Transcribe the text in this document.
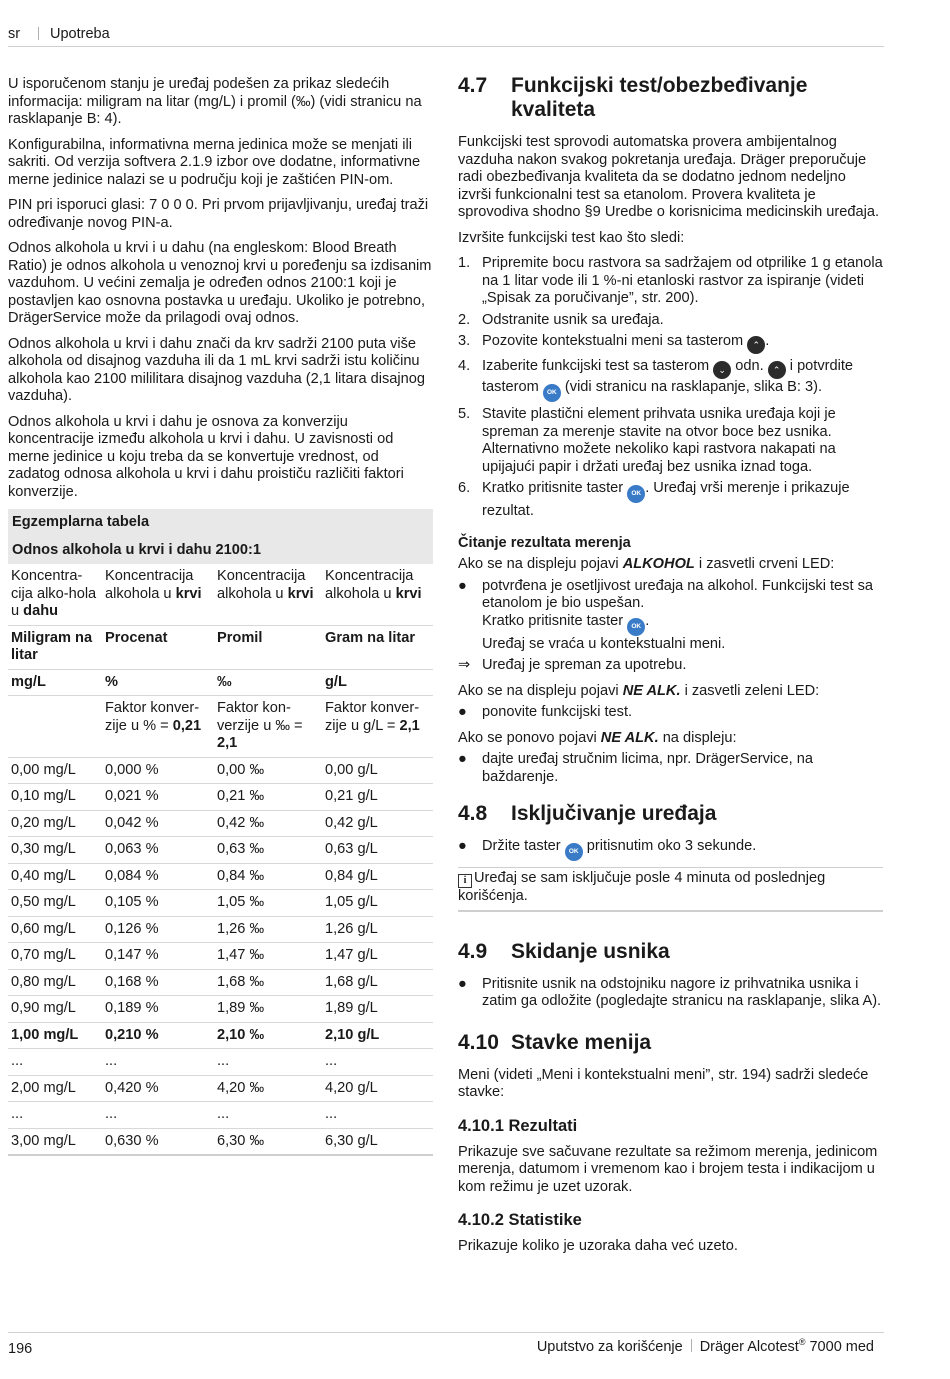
sr Upotreba

U isporučenom stanju je uređaj podešen za prikaz sledećih informacija: miligram na litar (mg/L) i promil (‰) (vidi stranicu na rasklapanje B: 4).

Konfigurabilna, informativna merna jedinica može se menjati ili sakriti. Od verzija softvera 2.1.9 izbor ove dodatne, informativne merne jedinice nalazi se u području koji je zaštićen PIN-om.

PIN pri isporuci glasi: 7 0 0 0. Pri prvom prijavljivanju, uređaj traži određivanje novog PIN-a.

Odnos alkohola u krvi i u dahu (na engleskom: Blood Breath Ratio) je odnos alkohola u venoznoj krvi u poređenju sa izdisanim vazduhom. U većini zemalja je određen odnos 2100:1 koji je postavljen kao osnovna postavka u uređaju. Ukoliko je potrebno, DrägerService može da prilagodi ovaj odnos.

Odnos alkohola u krvi i dahu znači da krv sadrži 2100 puta više alkohola od disajnog vazduha ili da 1 mL krvi sadrži istu količinu alkohola kao 2100 mililitara disajnog vazduha (2,1 litara disajnog vazduha).

Odnos alkohola u krvi i dahu je osnova za konverziju koncentracije između alkohola u krvi i dahu. U zavisnosti od merne jedinice u koju treba da se konvertuje vrednost, od zadatog odnosa alkohola u krvi i dahu proističu različiti faktori konverzije.

Egzemplarna tabela			
Odnos alkohola u krvi i dahu 2100:1			
Koncentra-cija alko-hola u dahu	Koncentracija alkohola u krvi	Koncentracija alkohola u krvi	Koncentracija alkohola u krvi
Miligram na litar	Procenat	Promil	Gram na litar
mg/L	%	‰	g/L
	Faktor konver-zije u % = 0,21	Faktor kon-verzije u ‰ = 2,1	Faktor konver-zije u g/L = 2,1
0,00 mg/L	0,000 %	0,00 ‰	0,00 g/L
0,10 mg/L	0,021 %	0,21 ‰	0,21 g/L
0,20 mg/L	0,042 %	0,42 ‰	0,42 g/L
0,30 mg/L	0,063 %	0,63 ‰	0,63 g/L
0,40 mg/L	0,084 %	0,84 ‰	0,84 g/L
0,50 mg/L	0,105 %	1,05 ‰	1,05 g/L
0,60 mg/L	0,126 %	1,26 ‰	1,26 g/L
0,70 mg/L	0,147 %	1,47 ‰	1,47 g/L
0,80 mg/L	0,168 %	1,68 ‰	1,68 g/L
0,90 mg/L	0,189 %	1,89 ‰	1,89 g/L
1,00 mg/L	0,210 %	2,10 ‰	2,10 g/L
...	...	...	...
2,00 mg/L	0,420 %	4,20 ‰	4,20 g/L
...	...	...	...
3,00 mg/L	0,630 %	6,30 ‰	6,30 g/L
4.7	Funkcijski test/obezbeđivanje kvaliteta

Funkcijski test sprovodi automatska provera ambijentalnog vazduha nakon svakog pokretanja uređaja. Dräger preporučuje radi obezbeđivanja kvaliteta da se dodatno jednom nedeljno izvrši funkcionalni test sa etanolom. Provera kvaliteta je sprovodiva shodno §9 Uredbe o korisnicima medicinskih uređaja.

Izvršite funkcijski test kao što sledi:

1. Pripremite bocu rastvora sa sadržajem od otprilike 1 g etanola na 1 litar vode ili 1 %-ni etanloski rastvor za ispiranje (videti „Spisak za poručivanje”, str. 200).
2. Odstranite usnik sa uređaja.
3. Pozovite kontekstualni meni sa tasterom ⌃ .
4. Izaberite funkcijski test sa tasterom ⌄ odn. ⌃ i potvrdite tasterom OK (vidi stranicu na rasklapanje, slika B: 3).
5. Stavite plastični element prihvata usnika uređaja koji je spreman za merenje stavite na otvor boce bez usnika. Alternativno možete nekoliko kapi rastvora nakapati na upijajući papir i držati uređaj bez usnika iznad toga.
6. Kratko pritisnite taster OK . Uređaj vrši merenje i prikazuje rezultat.
Čitanje rezultata merenja

Ako se na displeju pojavi ALKOHOL i zasvetli crveni LED:

● potvrđena je osetljivost uređaja na alkohol. Funkcijski test sa etanolom je bio uspešan.
Kratko pritisnite taster OK .
Uređaj se vraća u kontekstualni meni.
⇒ Uređaj je spreman za upotrebu.

Ako se na displeju pojavi NE ALK. i zasvetli zeleni LED:

● ponovite funkcijski test.

Ako se ponovo pojavi NE ALK. na displeju:

● dajte uređaj stručnim licima, npr. DrägerService, na baždarenje.
4.8	Isključivanje uređaja
● Držite taster OK pritisnutim oko 3 sekunde.
i Uređaj se sam isključuje posle 4 minuta od poslednjeg korišćenja.
4.9	Skidanje usnika
● Pritisnite usnik na odstojniku nagore iz prihvatnika usnika i zatim ga odložite (pogledajte stranicu na rasklapanje, slika A).
4.10 Stavke menija

Meni (videti „Meni i kontekstualni meni”, str. 194) sadrži sledeće stavke:

4.10.1 Rezultati

Prikazuje sve sačuvane rezultate sa režimom merenja, jedinicom merenja, datumom i vremenom kao i brojem testa i indikacijom u kom režimu je uzet uzorak.

4.10.2 Statistike

Prikazuje koliko je uzoraka daha već uzeto.

196	Uputstvo za korišćenje Dräger Alcotest® 7000 med
